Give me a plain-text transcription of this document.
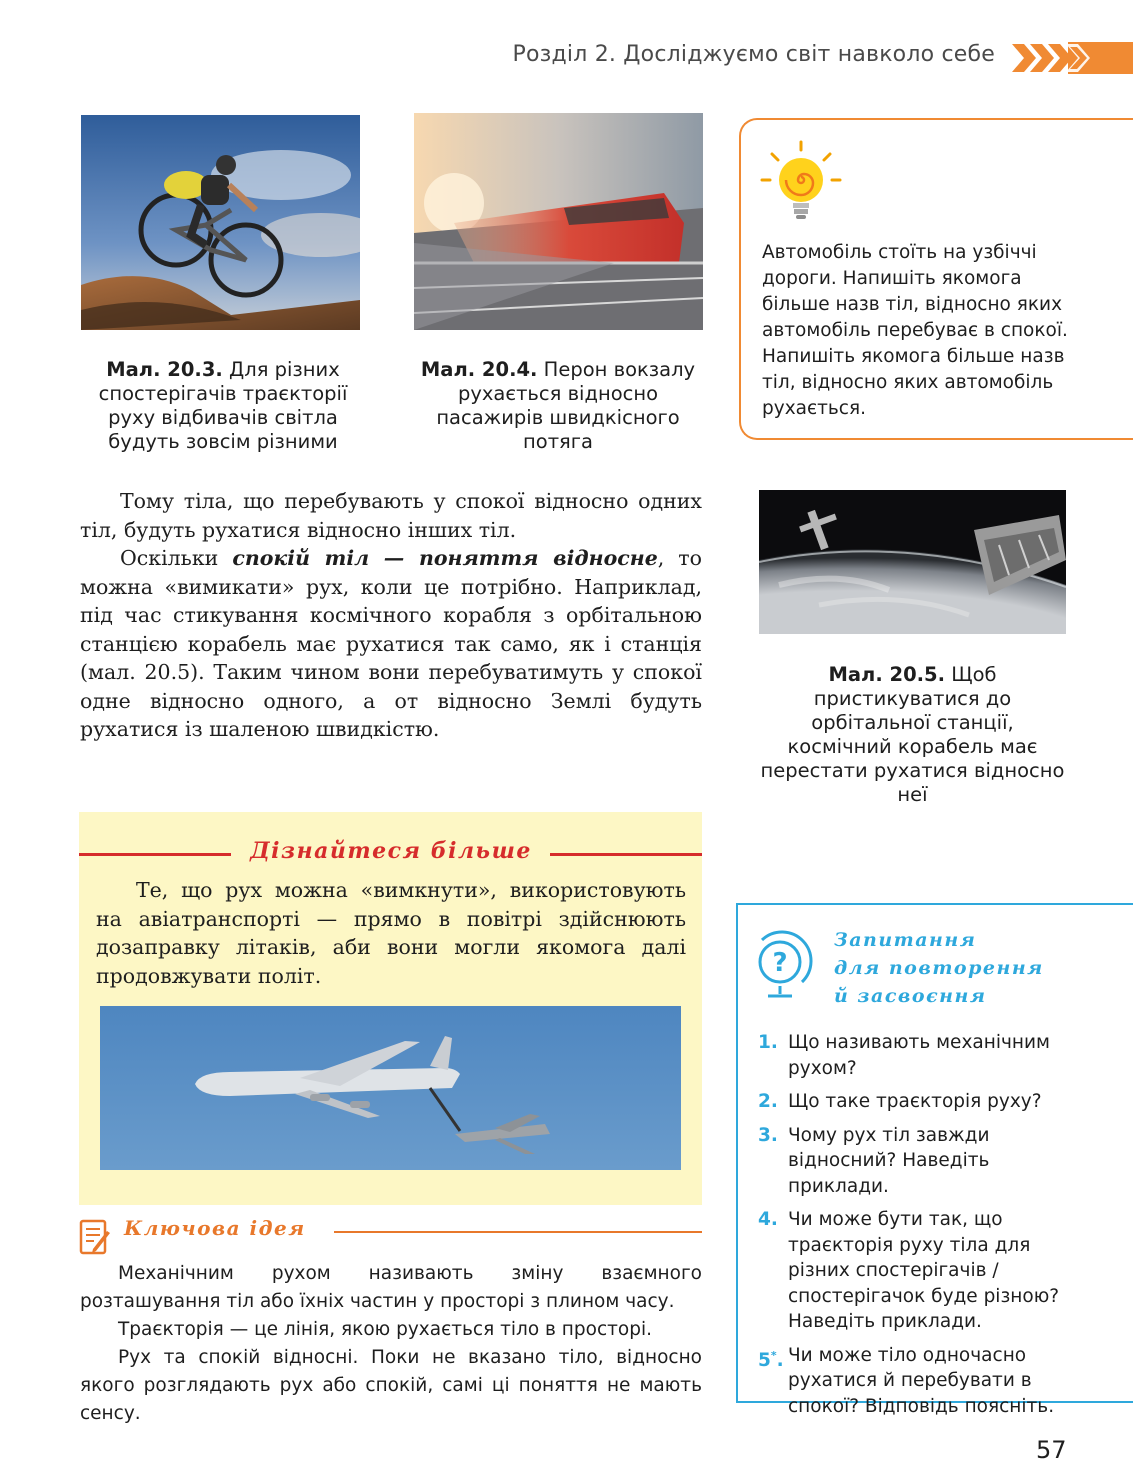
Розділ 2. Досліджуємо світ навколо себе
Мал. 20.3. Для різних спостерігачів траєкторії руху відбивачів світла будуть зовсім різними
Мал. 20.4. Перон вокзалу рухається відносно пасажирів швидкісного потяга
Автомобіль стоїть на узбіччі дороги. Напишіть якомога більше назв тіл, відносно яких автомобіль перебуває в спокої. Напишіть якомога більше назв тіл, відносно яких автомобіль рухається.

Тому тіла, що перебувають у спокої відносно одних тіл, будуть рухатися відносно інших тіл.

Оскільки спокій тіл — поняття відносне, то можна «вимикати» рух, коли це потрібно. Наприклад, під час стикування космічного корабля з орбітальною станцією корабель має рухатися так само, як і станція (мал. 20.5). Таким чином вони перебуватимуть у спокої одне відносно одного, а от відносно Землі будуть рухатися із шаленою швидкістю.

Мал. 20.5. Щоб пристикуватися до орбітальної станції, космічний корабель має перестати рухатися відносно неї
Дізнайтеся більше
Те, що рух можна «вимкнути», використовують на авіатранспорті — прямо в повітрі здійснюють дозаправку літаків, аби вони могли якомога далі продовжувати політ.
Ключова ідея

Механічним рухом називають зміну взаємного розташування тіл або їхніх частин у просторі з плином часу.

Траєкторія — це лінія, якою рухається тіло в просторі.

Рух та спокій відносні. Поки не вказано тіло, відносно якого розглядають рух або спокій, самі ці поняття не мають сенсу.

?
Запитання
для повторення
й засвоєння
1. Що називають механічним рухом?
2. Що таке траєкторія руху?
3. Чому рух тіл завжди відносний? Наведіть приклади.
4. Чи може бути так, що траєкторія руху тіла для різних спостерігачів / спостерігачок буде різною? Наведіть приклади.
5*. Чи може тіло одночасно рухатися й перебувати в спокої? Відповідь поясніть.
57
